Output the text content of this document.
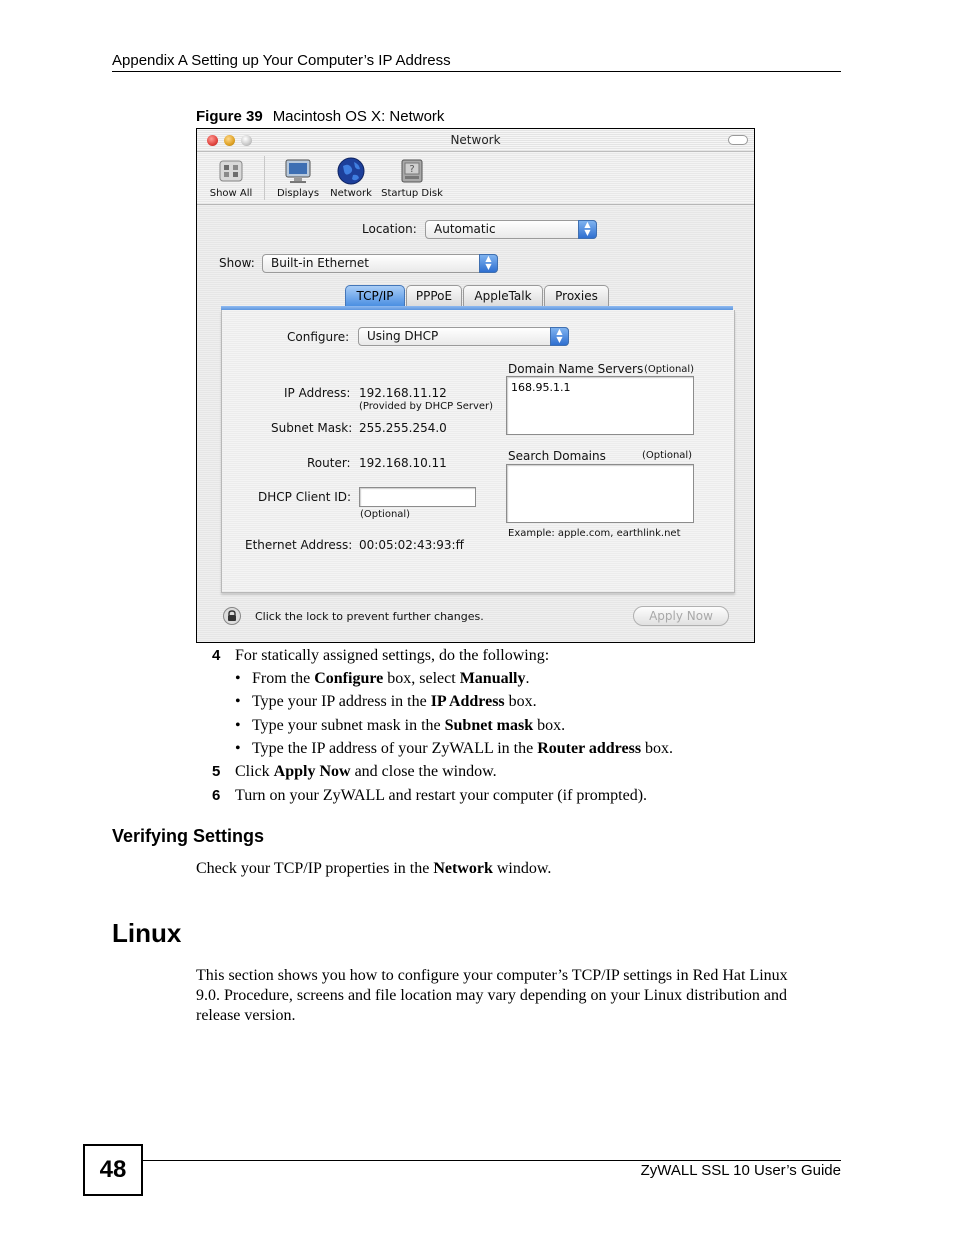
Appendix A Setting up Your Computer’s IP Address
Figure 39 Macintosh OS X: Network
Network
Show All	Displays	Network
?
Startup Disk
Location: Automatic	▲
▼
Show: Built-in Ethernet	▲
▼
TCP/IP	PPPoE	AppleTalk	Proxies
Configure: Using DHCP	▲
▼
Domain Name Servers (Optional)
168.95.1.1
IP Address: 192.168.11.12
(Provided by DHCP Server)
Subnet Mask: 255.255.254.0
Search Domains	(Optional)
Router: 192.168.10.11
DHCP Client ID:
(Optional)
Example: apple.com, earthlink.net
Ethernet Address: 00:05:02:43:93:ff
Click the lock to prevent further changes.	Apply Now
4 For statically assigned settings, do the following:
• From the Configure box, select Manually.
• Type your IP address in the IP Address box.
• Type your subnet mask in the Subnet mask box.
• Type the IP address of your ZyWALL in the Router address box.
5 Click Apply Now and close the window.
6 Turn on your ZyWALL and restart your computer (if prompted).
Verifying Settings
Check your TCP/IP properties in the Network window.
Linux
This section shows you how to configure your computer’s TCP/IP settings in Red Hat Linux
9.0. Procedure, screens and file location may vary depending on your Linux distribution and
release version.
48	ZyWALL SSL 10 User’s Guide
